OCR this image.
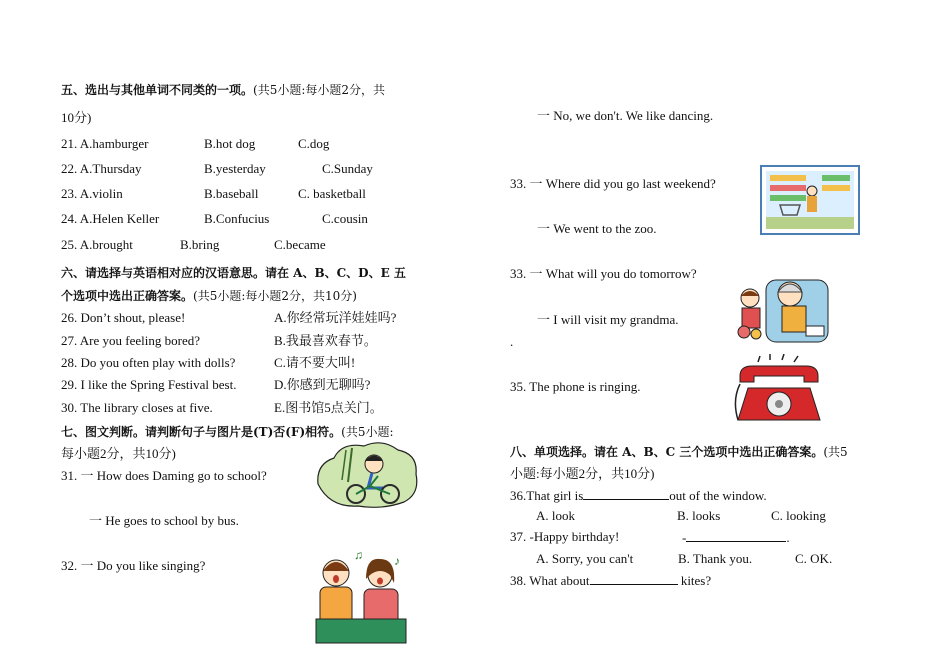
五、选出与其他单词不同类的一项。(共5小题:每小题2分，共
10分)
21. A.hamburger	B.hot dog	C.dog
22. A.Thursday	B.yesterday	C.Sunday
23. A.violin	B.baseball	C. basketball
24. A.Helen Keller	B.Confucius	C.cousin
25. A.brought	B.bring	C.became
六、请选择与英语相对应的汉语意思。请在 A、B、C、D、E 五
个选项中选出正确答案。(共5小题:每小题2分，共10分)
26. Don’t shout, please!	A.你经常玩洋娃娃吗?
27. Are you feeling bored?	B.我最喜欢春节。
28. Do you often play with dolls?	C.请不要大叫!
29. I like the Spring Festival best.	D.你感到无聊吗?
30. The library closes at five.	E.图书馆5点关门。
七、图文判断。请判断句子与图片是(T)否(F)相符。(共5小题:
每小题2分，共10分)
31. 一 How does Daming go to school?
一 He goes to school by bus.
32. 一 Do you like singing?
♫	♪
一 No, we don't. We like dancing.
33. 一 Where did you go last weekend?
一 We went to the zoo.
33. 一 What will you do tomorrow?
一 I will visit my grandma.
.
35. The phone is ringing.
八、单项选择。请在 A、B、C 三个选项中选出正确答案。(共5
小题:每小题2分，共10分)
36.That girl is	out of the window.
A. look	B. looks	C. looking
37. -Happy birthday!	-	.
A. Sorry, you can't	B. Thank you.	C. OK.
38. What about	kites?
